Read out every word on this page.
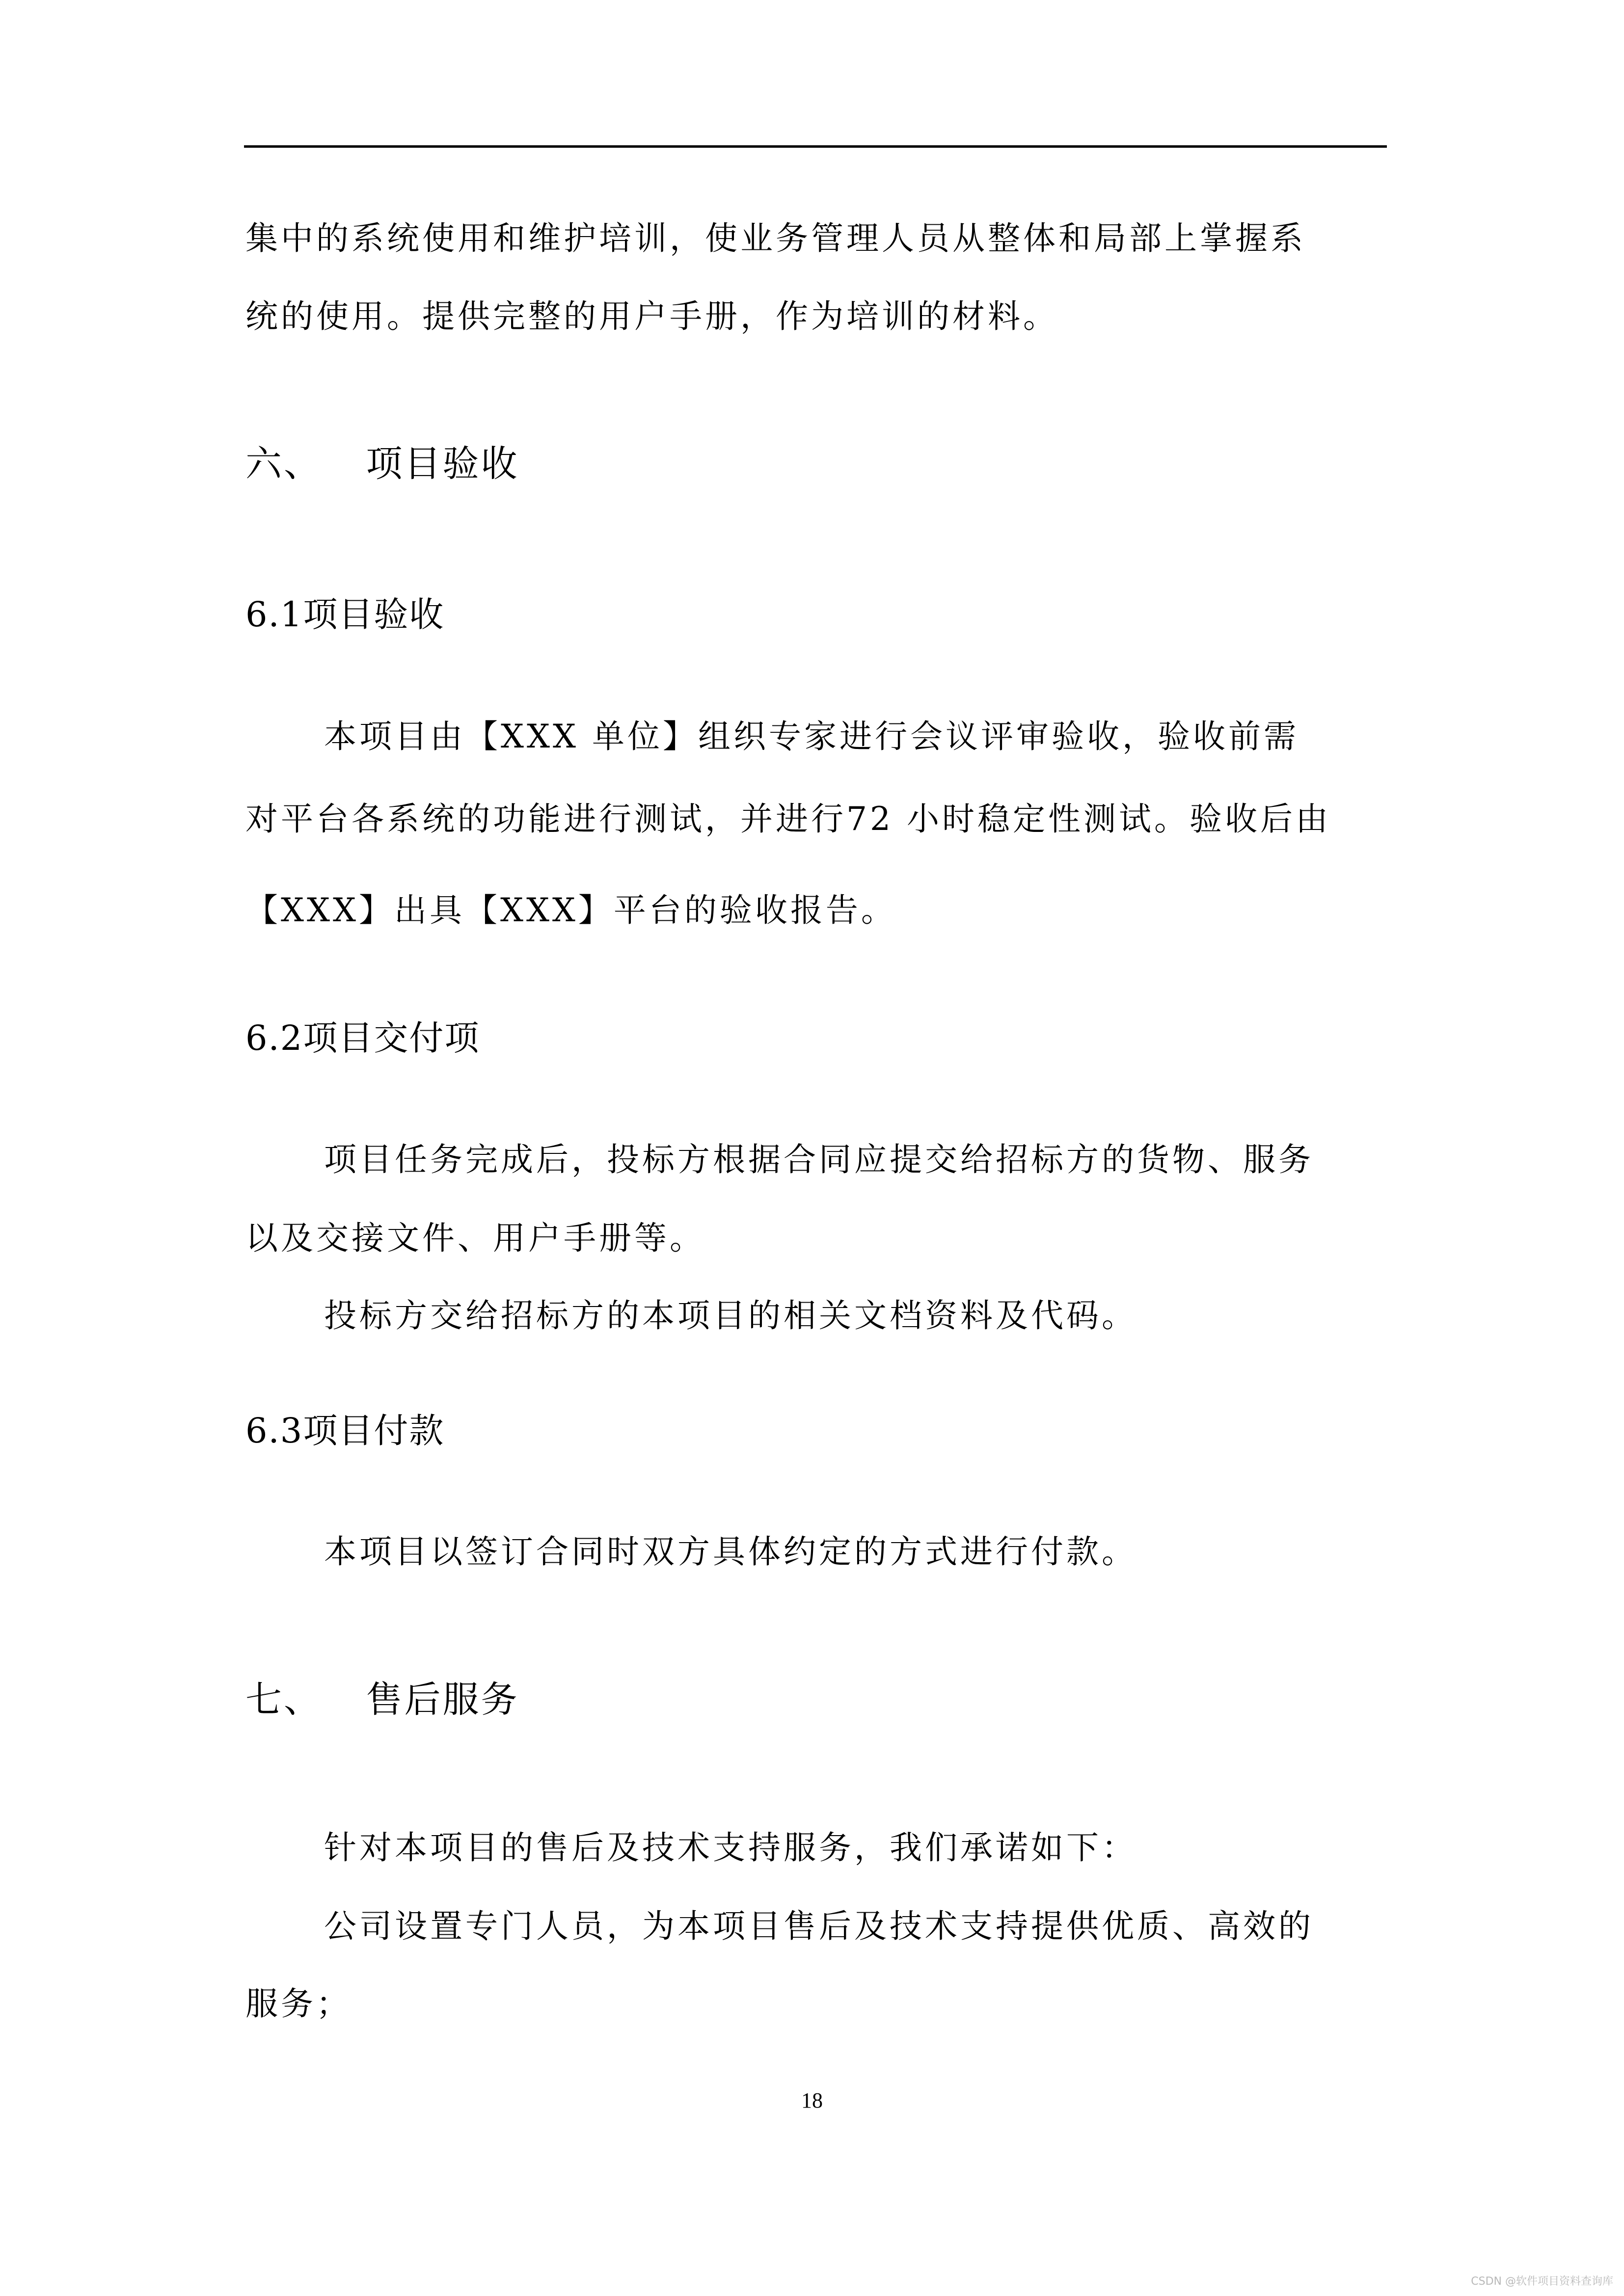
集中的系统使用和维护培训，使业务管理人员从整体和局部上掌握系
统的使用。提供完整的用户手册，作为培训的材料。
六、 项目验收
6.1项目验收
本项目由【XXX 单位】组织专家进行会议评审验收，验收前需
对平台各系统的功能进行测试，并进行72 小时稳定性测试。验收后由
【XXX】出具【XXX】平台的验收报告。
6.2项目交付项
项目任务完成后，投标方根据合同应提交给招标方的货物、服务
以及交接文件、用户手册等。
投标方交给招标方的本项目的相关文档资料及代码。
6.3项目付款
本项目以签订合同时双方具体约定的方式进行付款。
七、 售后服务
针对本项目的售后及技术支持服务，我们承诺如下：
公司设置专门人员，为本项目售后及技术支持提供优质、高效的
服务；
18
CSDN @软件项目资料查询库
